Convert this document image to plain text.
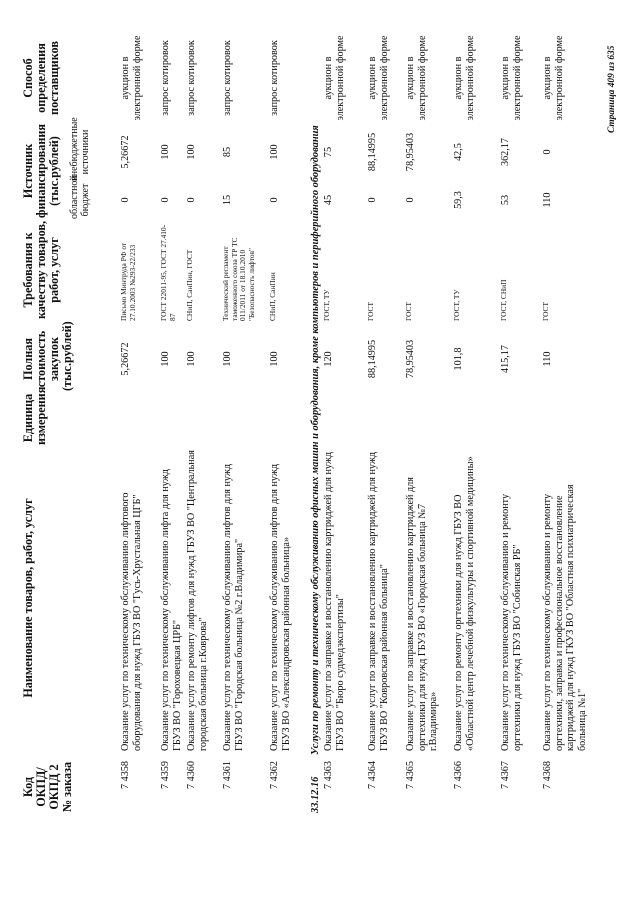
Код ОКПД/ ОКПД 2 № заказа
Наименование товаров, работ, услуг
Единица измерения
Полная стоимость закупок (тыс.рублей)
Требования к качеству товаров, работ, услуг
Источник финансирования (тыс.рублей) областной бюджет
внебюджетные источники
Способ определения поставщиков
7 4358
Оказание услуг по техническому обслуживанию лифтового оборудования для нужд ГБУЗ ВО "Гусь-Хрустальная ЦГБ"
5,26672
Письмо Минтруда РФ от 27.10.2003 №293-22/233
0
5,26672
аукцион в электронной форме
7 4359
Оказание услуг по техническому обслуживанию лифта для нужд ГБУЗ ВО "Гороховецкая ЦРБ"
100
ГОСТ 22011-95, ГОСТ 27.410-87
0
100
запрос котировок
7 4360
Оказание услуг по ремонту лифтов для нужд ГБУЗ ВО "Центральная городская больница г.Коврова"
100
СНиП, СанПин, ГОСТ
0
100
запрос котировок
7 4361
Оказание услуг по техническому обслуживанию лифтов для нужд ГБУЗ ВО "Городская больница №2 г.Владимира"
100
Технический регламент таможенного союза ТР ТС 011/2011 от 18.10.2010 "Безопасность лифтов"
15
85
запрос котировок
7 4362
Оказание услуг по техническому обслуживанию лифтов для нужд ГБУЗ ВО «Александровская районная больница»
100
СНиП, СанПин
0
100
запрос котировок
33.12.16Услуги по ремонту и техническому обслуживанию офисных машин и оборудования, кроме компьютеров и периферийного оборудования
7 4363
Оказание услуг по заправке и восстановлению картриджей для нужд ГБУЗ ВО "Бюро судмедэкспертизы"
120
ГОСТ, ТУ
45
75
аукцион в электронной форме
7 4364
Оказание услуг по заправке и восстановлению картриджей для нужд ГБУЗ ВО "Ковровская районная больница"
88,14995
ГОСТ
0
88,14995
аукцион в электронной форме
7 4365
Оказание услуг по заправке и восстановлению картриджей для оргтехники для нужд ГБУЗ ВО «Городская больница №7 г.Владимира»
78,95403
ГОСТ
0
78,95403
аукцион в электронной форме
7 4366
Оказание услуг по ремонту оргтехники для нужд ГБУЗ ВО «Областной центр лечебной физкультуры и спортивной медицины»
101,8
ГОСТ, ТУ
59,3
42,5
аукцион в электронной форме
7 4367
Оказание услуг по техническому обслуживанию и ремонту оргтехники для нужд ГБУЗ ВО "Собинская РБ"
415,17
ГОСТ, СНиП
53
362,17
аукцион в электронной форме
7 4368
Оказание услуг по техническому обслуживанию и ремонту оргтехники, заправка и профессиональное восстановление картриджей для нужд ГКУЗ ВО "Областная психиатрическая больница №1"
110
ГОСТ
110
0
аукцион в электронной форме	Страница 409 из 635
